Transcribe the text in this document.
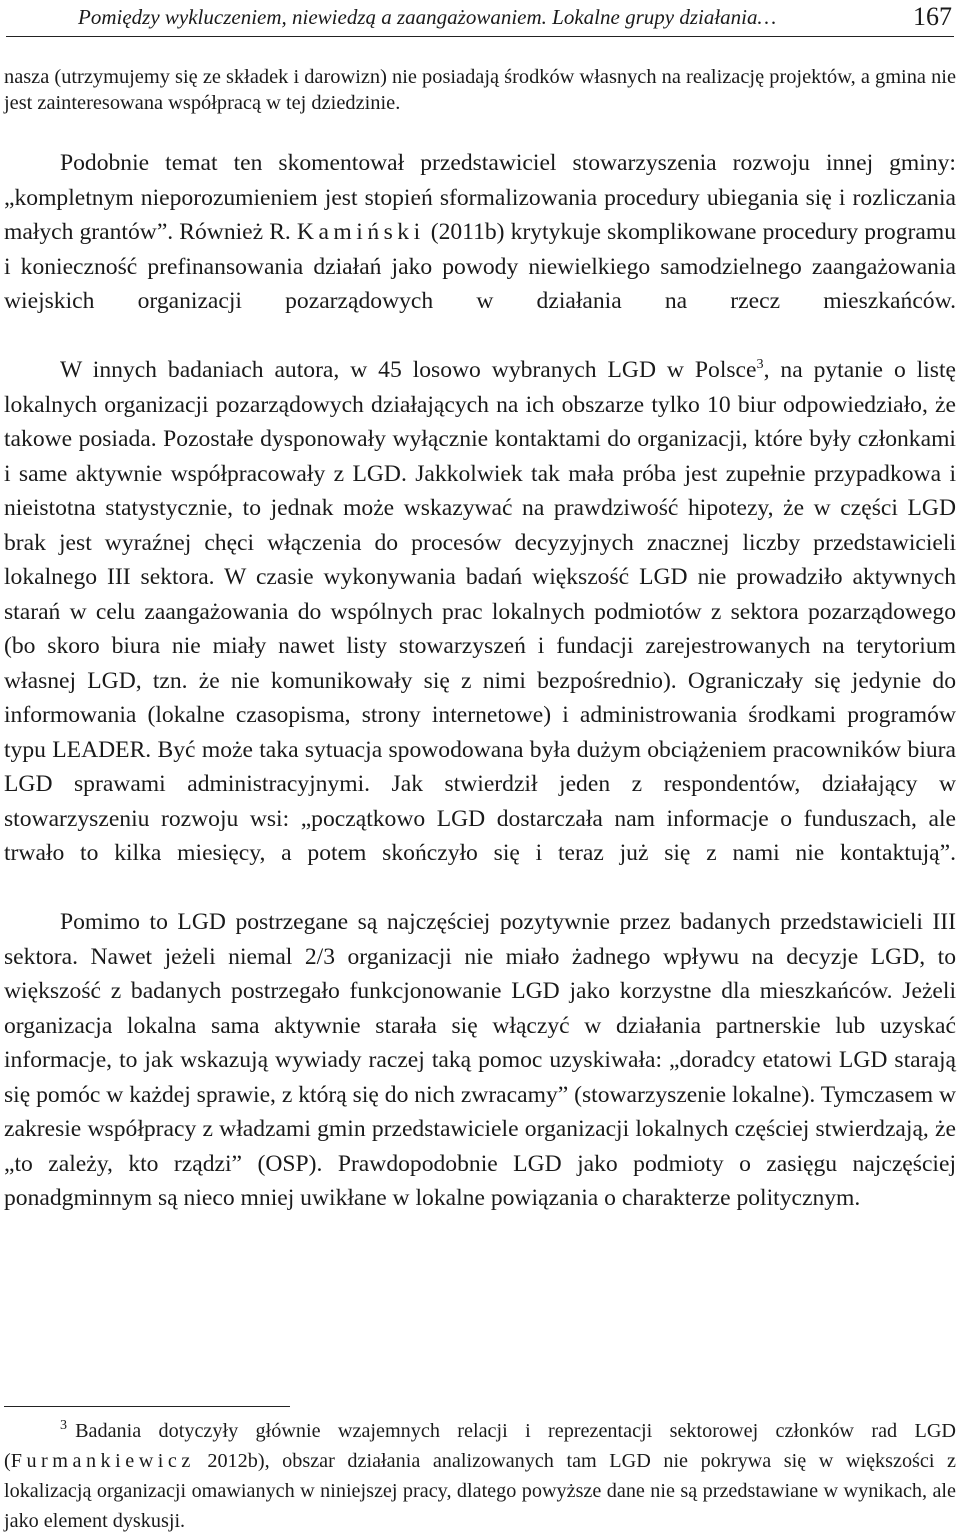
Pomiędzy wykluczeniem, niewiedzą a zaangażowaniem. Lokalne grupy działania…	167

nasza (utrzymujemy się ze składek i darowizn) nie posiadają środków własnych na realizację projektów, a gmina nie jest zainteresowana współpracą w tej dziedzinie.

Podobnie temat ten skomentował przedstawiciel stowarzyszenia rozwoju innej gminy: „kompletnym nieporozumieniem jest stopień sformalizowania procedury ubiegania się i rozliczania małych grantów”. Również R. Kamiński (2011b) krytykuje skomplikowane procedury programu i konieczność prefinansowania działań jako powody niewielkiego samodzielnego zaangażowania wiejskich organizacji pozarządowych w działania na rzecz mieszkańców.

W innych badaniach autora, w 45 losowo wybranych LGD w Polsce$^3$, na pytanie o listę lokalnych organizacji pozarządowych działających na ich obszarze tylko 10 biur odpowiedziało, że takowe posiada. Pozostałe dysponowały wyłącznie kontaktami do organizacji, które były członkami i same aktywnie współpracowały z LGD. Jakkolwiek tak mała próba jest zupełnie przypadkowa i nieistotna statystycznie, to jednak może wskazywać na prawdziwość hipotezy, że w części LGD brak jest wyraźnej chęci włączenia do procesów decyzyjnych znacznej liczby przedstawicieli lokalnego III sektora. W czasie wykonywania badań większość LGD nie prowadziło aktywnych starań w celu zaangażowania do wspólnych prac lokalnych podmiotów z sektora pozarządowego (bo skoro biura nie miały nawet listy stowarzyszeń i fundacji zarejestrowanych na terytorium własnej LGD, tzn. że nie komunikowały się z nimi bezpośrednio). Ograniczały się jedynie do informowania (lokalne czasopisma, strony internetowe) i administrowania środkami programów typu LEADER. Być może taka sytuacja spowodowana była dużym obciążeniem pracowników biura LGD sprawami administracyjnymi. Jak stwierdził jeden z respondentów, działający w stowarzyszeniu rozwoju wsi: „początkowo LGD dostarczała nam informacje o funduszach, ale trwało to kilka miesięcy, a potem skończyło się i teraz już się z nami nie kontaktują”.

Pomimo to LGD postrzegane są najczęściej pozytywnie przez badanych przedstawicieli III sektora. Nawet jeżeli niemal 2/3 organizacji nie miało żadnego wpływu na decyzje LGD, to większość z badanych postrzegało funkcjonowanie LGD jako korzystne dla mieszkańców. Jeżeli organizacja lokalna sama aktywnie starała się włączyć w działania partnerskie lub uzyskać informacje, to jak wskazują wywiady raczej taką pomoc uzyskiwała: „doradcy etatowi LGD starają się pomóc w każdej sprawie, z którą się do nich zwracamy” (stowarzyszenie lokalne). Tymczasem w zakresie współpracy z władzami gmin przedstawiciele organizacji lokalnych częściej stwierdzają, że „to zależy, kto rządzi” (OSP). Prawdopodobnie LGD jako podmioty o zasięgu najczęściej ponadgminnym są nieco mniej uwikłane w lokalne powiązania o charakterze politycznym.

$^3$ Badania dotyczyły głównie wzajemnych relacji i reprezentacji sektorowej członków rad LGD (Furmankiewicz 2012b), obszar działania analizowanych tam LGD nie pokrywa się w większości z lokalizacją organizacji omawianych w niniejszej pracy, dlatego powyższe dane nie są przedstawiane w wynikach, ale jako element dyskusji.
